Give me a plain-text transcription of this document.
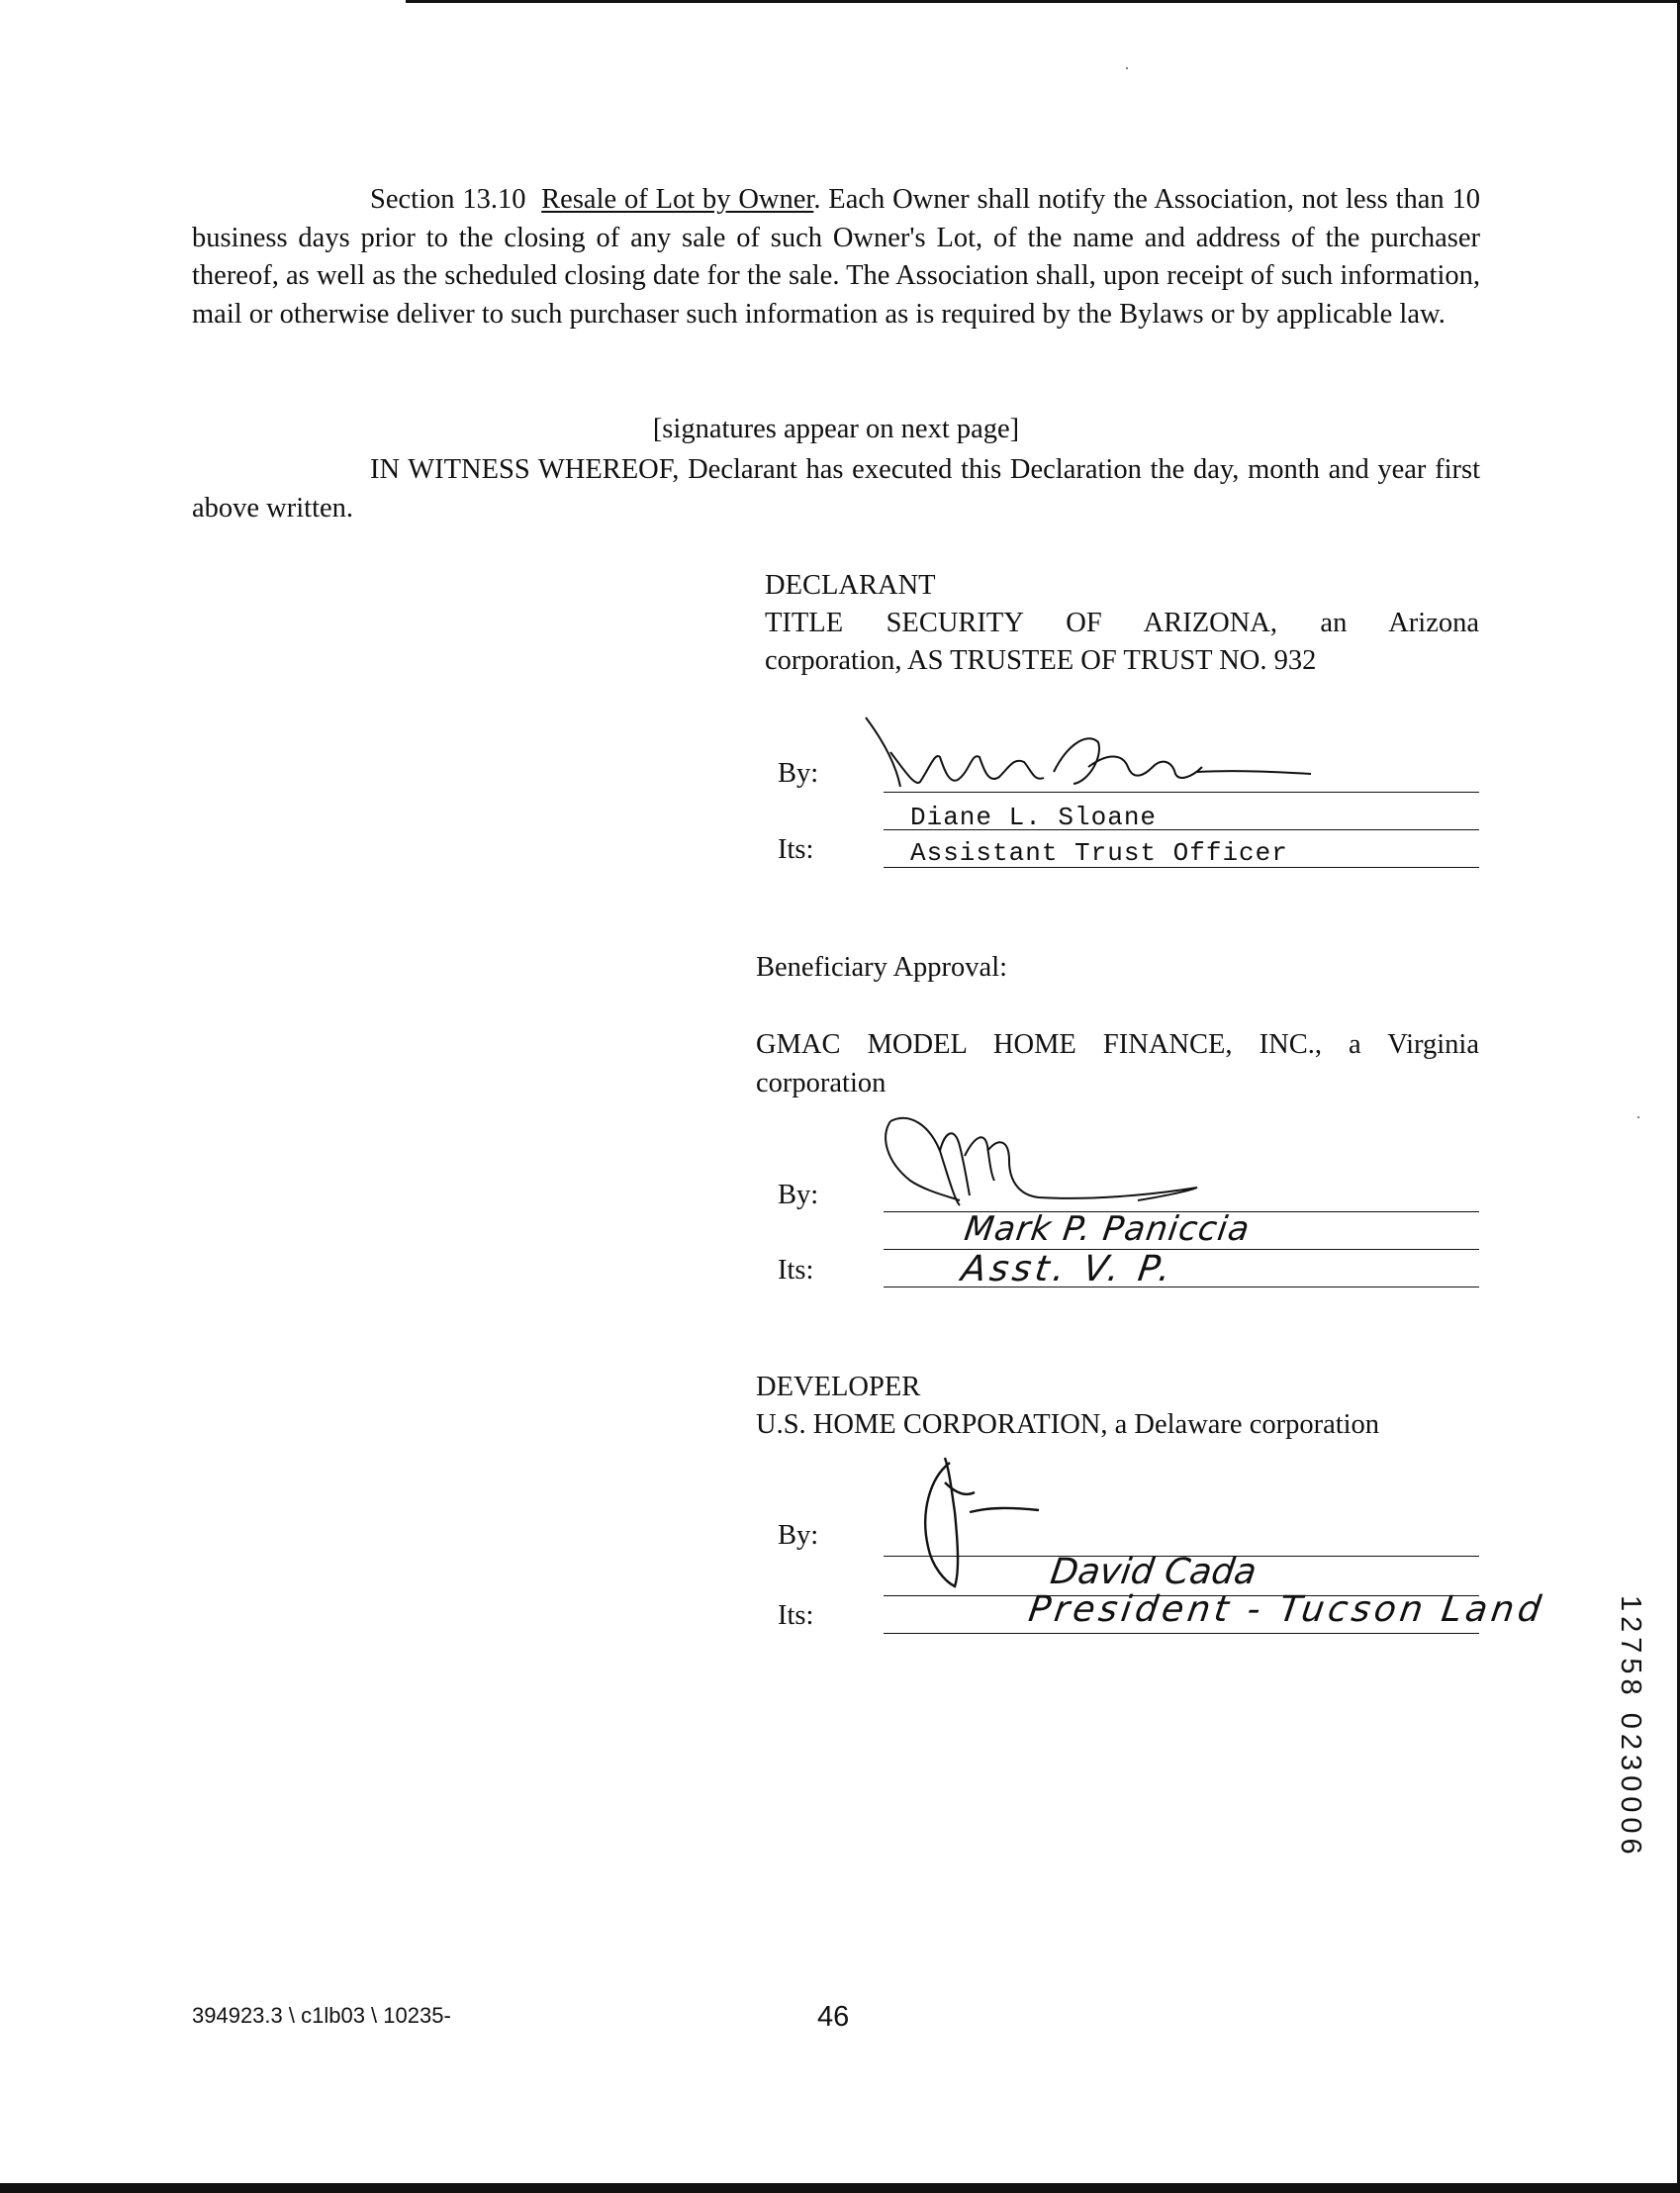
Section 13.10 Resale of Lot by Owner. Each Owner shall notify the Association, not less than 10 business days prior to the closing of any sale of such Owner's Lot, of the name and address of the purchaser thereof, as well as the scheduled closing date for the sale. The Association shall, upon receipt of such information, mail or otherwise deliver to such purchaser such information as is required by the Bylaws or by applicable law.

[signatures appear on next page]

IN WITNESS WHEREOF, Declarant has executed this Declaration the day, month and year first above written.

DECLARANT
TITLE SECURITY OF ARIZONA, an Arizona
corporation, AS TRUSTEE OF TRUST NO. 932
By:
Diane L. Sloane
Its:	Assistant Trust Officer
Beneficiary Approval:
GMAC MODEL HOME FINANCE, INC., a Virginia
corporation
By:
Mark P. Paniccia
Its:	Asst. V. P.
DEVELOPER
U.S. HOME CORPORATION, a Delaware corporation
By:
David Cada
Its:	President - Tucson Land 12758 0230006
394923.3 \ c1lb03 \ 10235-	46
